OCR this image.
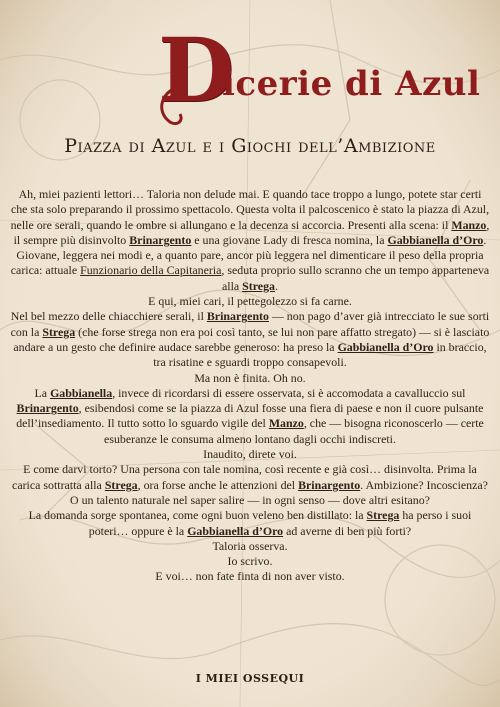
D
icerie di Azul
Piazza di Azul e i Giochi dell’Ambizione

Ah, miei pazienti lettori… Taloria non delude mai. E quando tace troppo a lungo, potete star certi che sta solo preparando il prossimo spettacolo. Questa volta il palcoscenico è stato la piazza di Azul, nelle ore serali, quando le ombre si allungano e la decenza si accorcia. Presenti alla scena: il Manzo, il sempre più disinvolto Brinargento e una giovane Lady di fresca nomina, la Gabbianella d’Oro. Giovane, leggera nei modi e, a quanto pare, ancor più leggera nel dimenticare il peso della propria carica: attuale Funzionario della Capitaneria, seduta proprio sullo scranno che un tempo apparteneva alla Strega.

E qui, miei cari, il pettegolezzo si fa carne.

Nel bel mezzo delle chiacchiere serali, il Brinargento — non pago d’aver già intrecciato le sue sorti con la Strega (che forse strega non era poi così tanto, se lui non pare affatto stregato) — si è lasciato andare a un gesto che definire audace sarebbe generoso: ha preso la Gabbianella d’Oro in braccio, tra risatine e sguardi troppo consapevoli.

Ma non è finita. Oh no.

La Gabbianella, invece di ricordarsi di essere osservata, si è accomodata a cavalluccio sul Brinargento, esibendosi come se la piazza di Azul fosse una fiera di paese e non il cuore pulsante dell’insediamento. Il tutto sotto lo sguardo vigile del Manzo, che — bisogna riconoscerlo — certe esuberanze le consuma almeno lontano dagli occhi indiscreti.

Inaudito, direte voi.

E come darvi torto? Una persona con tale nomina, così recente e già così… disinvolta. Prima la carica sottratta alla Strega, ora forse anche le attenzioni del Brinargento. Ambizione? Incoscienza? O un talento naturale nel saper salire — in ogni senso — dove altri esitano?

La domanda sorge spontanea, come ogni buon veleno ben distillato: la Strega ha perso i suoi poteri… oppure è la Gabbianella d’Oro ad averne di ben più forti?

Taloria osserva.

Io scrivo.

E voi… non fate finta di non aver visto.

I MIEI OSSEQUI
